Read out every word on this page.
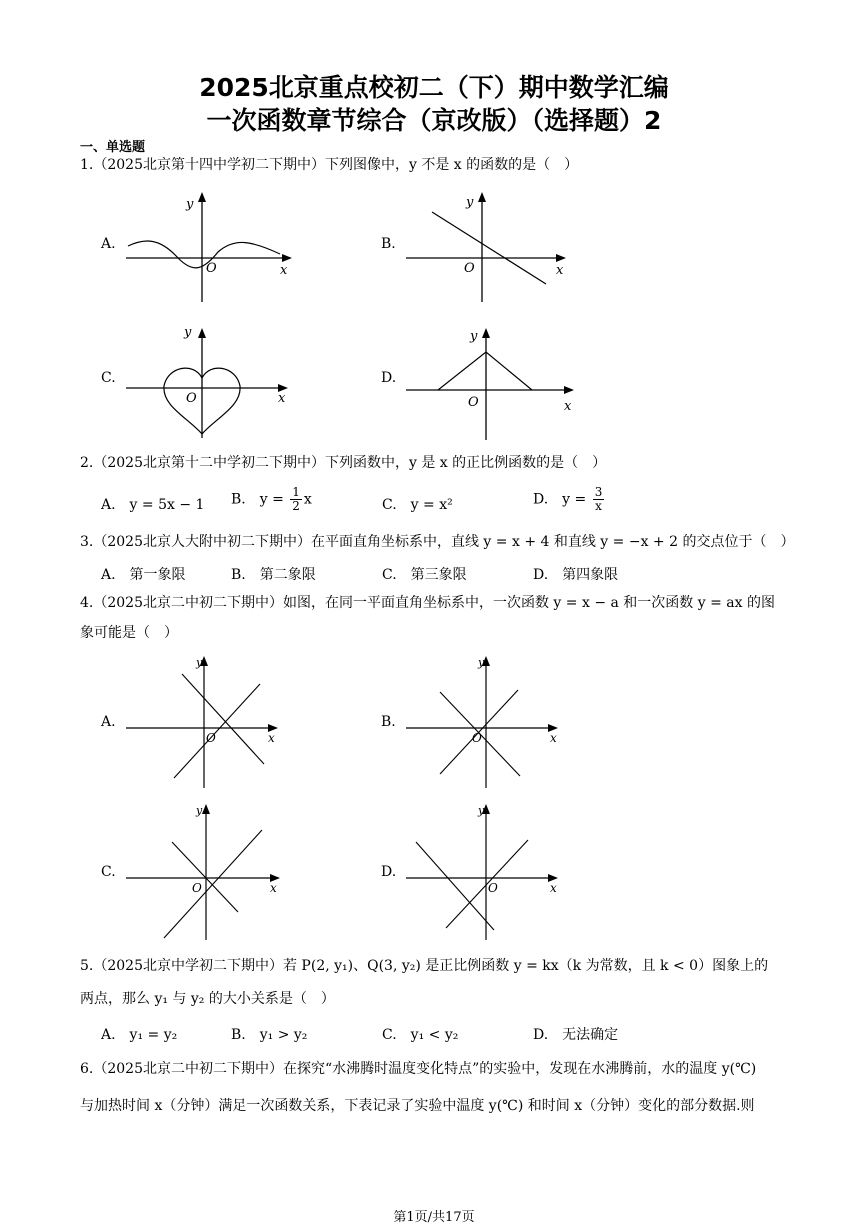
2025北京重点校初二（下）期中数学汇编
一次函数章节综合（京改版）（选择题）2
一、单选题
1.（2025北京第十四中学初二下期中）下列图像中，y 不是 x 的函数的是（　）
A.	B.
C.	D.
y
O	x
y
O	x
y
O	x
y
O	x
2.（2025北京第十二中学初二下期中）下列函数中，y 是 x 的正比例函数的是（　）
A.　y = 5x − 1 B.　$y = \frac{1}{2}$ x	C.　y = x²	D.　$y = \frac{3}{x}$
3.（2025北京人大附中初二下期中）在平面直角坐标系中，直线 y = x + 4 和直线 y = −x + 2 的交点位于（　）
A.　第一象限	B.　第二象限	C.　第三象限	D.　第四象限
4.（2025北京二中初二下期中）如图，在同一平面直角坐标系中，一次函数 y = x − a 和一次函数 y = ax 的图
象可能是（　）
A.	B.
C.	D.
y
O	x
y
O	x
y
O	x
y
O	x
5.（2025北京中学初二下期中）若 P(2, y₁)、Q(3, y₂) 是正比例函数 y = kx（k 为常数，且 k < 0）图象上的
两点，那么 y₁ 与 y₂ 的大小关系是（　）
A.　y₁ = y₂	B.　y₁ > y₂	C.　y₁ < y₂	D.　无法确定
6.（2025北京二中初二下期中）在探究“水沸腾时温度变化特点”的实验中，发现在水沸腾前，水的温度 y(℃)
与加热时间 x（分钟）满足一次函数关系，下表记录了实验中温度 y(℃) 和时间 x（分钟）变化的部分数据.则
第1页/共17页
